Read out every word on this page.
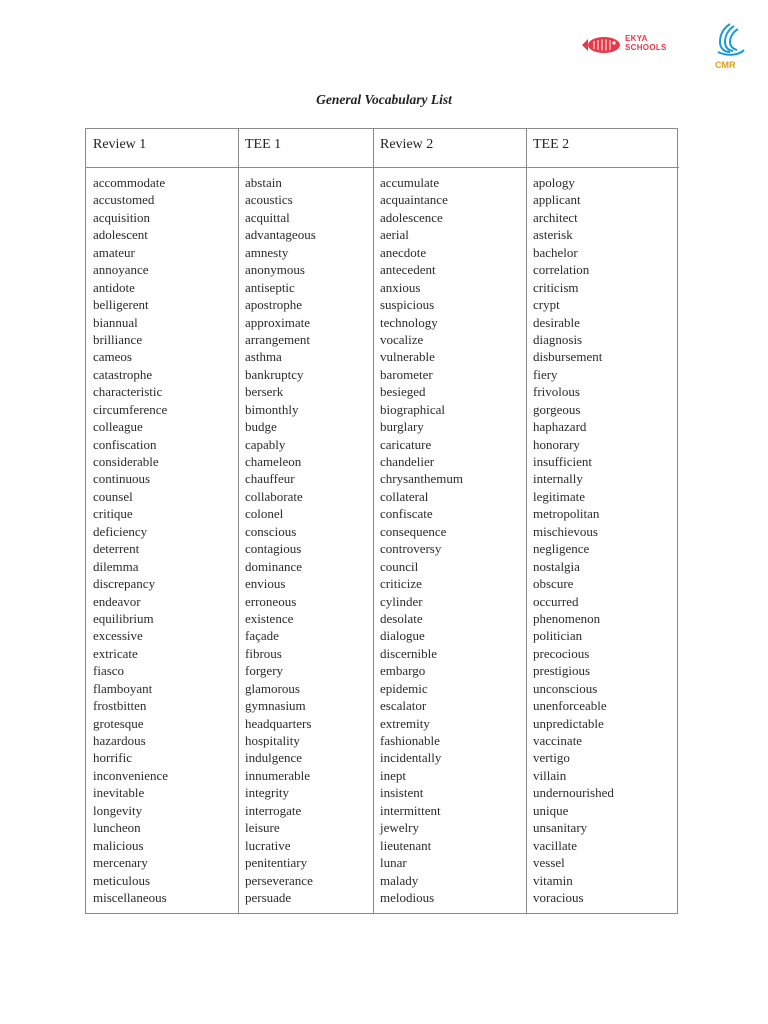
EKYA
SCHOOLS
CMR
General Vocabulary List
Review 1
accommodate
accustomed
acquisition
adolescent
amateur
annoyance
antidote
belligerent
biannual
brilliance
cameos
catastrophe
characteristic
circumference
colleague
confiscation
considerable
continuous
counsel
critique
deficiency
deterrent
dilemma
discrepancy
endeavor
equilibrium
excessive
extricate
fiasco
flamboyant
frostbitten
grotesque
hazardous
horrific
inconvenience
inevitable
longevity
luncheon
malicious
mercenary
meticulous
miscellaneous
TEE 1
abstain
acoustics
acquittal
advantageous
amnesty
anonymous
antiseptic
apostrophe
approximate
arrangement
asthma
bankruptcy
berserk
bimonthly
budge
capably
chameleon
chauffeur
collaborate
colonel
conscious
contagious
dominance
envious
erroneous
existence
façade
fibrous
forgery
glamorous
gymnasium
headquarters
hospitality
indulgence
innumerable
integrity
interrogate
leisure
lucrative
penitentiary
perseverance
persuade
Review 2
accumulate
acquaintance
adolescence
aerial
anecdote
antecedent
anxious
suspicious
technology
vocalize
vulnerable
barometer
besieged
biographical
burglary
caricature
chandelier
chrysanthemum
collateral
confiscate
consequence
controversy
council
criticize
cylinder
desolate
dialogue
discernible
embargo
epidemic
escalator
extremity
fashionable
incidentally
inept
insistent
intermittent
jewelry
lieutenant
lunar
malady
melodious
TEE 2
apology
applicant
architect
asterisk
bachelor
correlation
criticism
crypt
desirable
diagnosis
disbursement
fiery
frivolous
gorgeous
haphazard
honorary
insufficient
internally
legitimate
metropolitan
mischievous
negligence
nostalgia
obscure
occurred
phenomenon
politician
precocious
prestigious
unconscious
unenforceable
unpredictable
vaccinate
vertigo
villain
undernourished
unique
unsanitary
vacillate
vessel
vitamin
voracious
